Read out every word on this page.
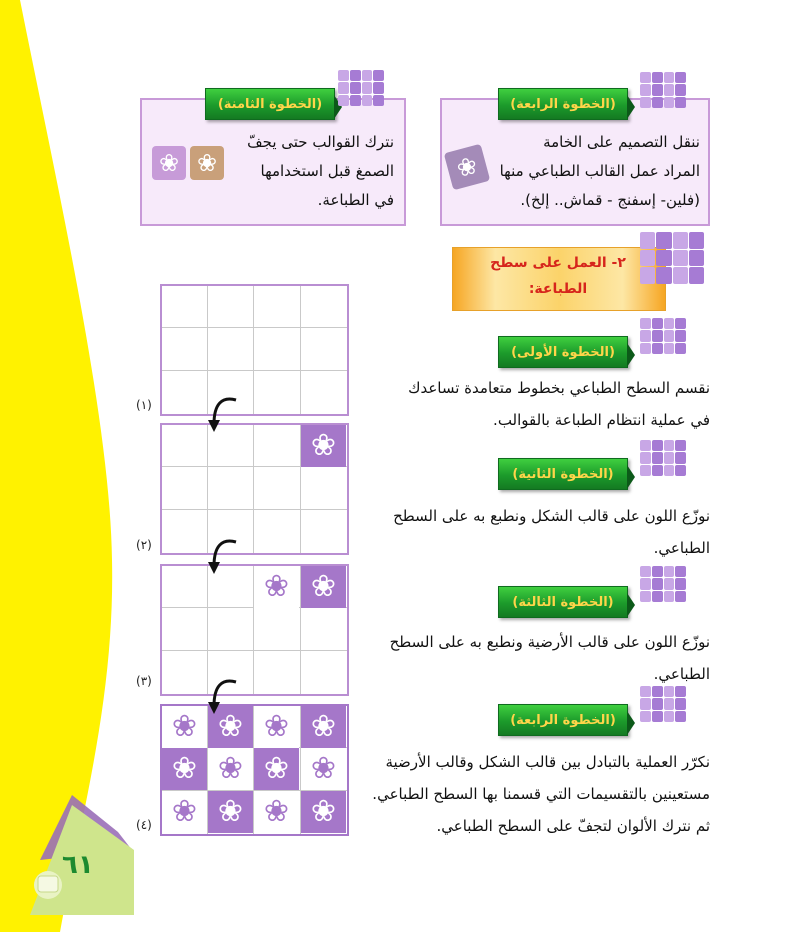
٦١
نترك القوالب حتى يجفّ
الصمغ قبل استخدامها
في الطباعة.
❀ ❀
(الخطوة الثامنة)
ننقل التصميم على الخامة
المراد عمل القالب الطباعي منها
(فلين- إسفنج - قماش.. إلخ).
❀
(الخطوة الرابعة)
٢- العمل على سطح
الطباعة:
(الخطوة الأولى)
نقسم السطح الطباعي بخطوط متعامدة تساعدك
في عملية انتظام الطباعة بالقوالب.
(الخطوة الثانية)
نوزّع اللون على قالب الشكل ونطبع به على السطح
الطباعي.
(الخطوة الثالثة)
نوزّع اللون على قالب الأرضية ونطبع به على السطح
الطباعي.
(الخطوة الرابعة)
نكرّر العملية بالتبادل بين قالب الشكل وقالب الأرضية
مستعينين بالتقسيمات التي قسمنا بها السطح الطباعي.
ثم نترك الألوان لتجفّ على السطح الطباعي.
(١)
❀
(٢)
❀ ❀
(٣)
❀ ❀ ❀ ❀
❀ ❀ ❀ ❀
❀ ❀ ❀ ❀
(٤)
